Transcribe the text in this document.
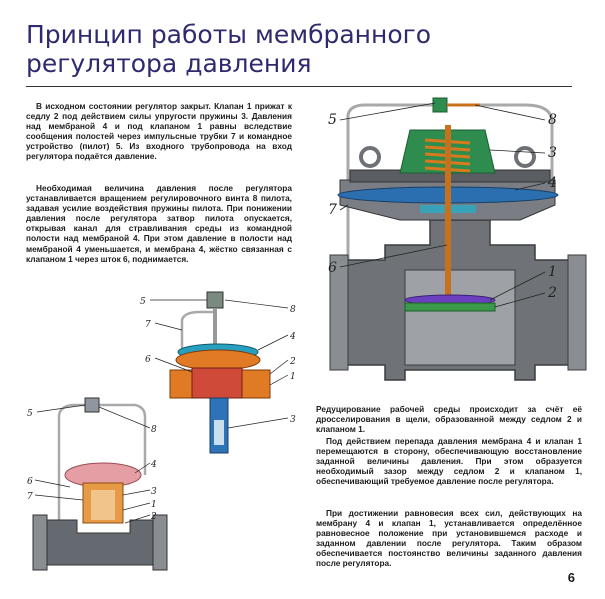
Принцип работы мембранного
регулятора давления

В исходном состоянии регулятор закрыт. Клапан 1 прижат к седлу 2 под действием силы упругости пружины 3. Давления над мембраной 4 и под клапаном 1 равны вследствие сообщения полостей через импульсные трубки 7 и командное устройство (пилот) 5. Из входного трубопровода на вход регулятора подаётся давление.

Необходимая величина давления после регулятора устанавливается вращением регулировочного винта 8 пилота, задавая усилие воздействия пружины пилота. При понижении давления после регулятора затвор пилота опускается, открывая канал для стравливания среды из командной полости над мембраной 4. При этом давление в полости над мембраной 4 уменьшается, и мембрана 4, жёстко связанная с клапаном 1 через шток 6, поднимается.

Редуцирование рабочей среды происходит за счёт её дросселирования в щели, образованной между седлом 2 и клапаном 1.

Под действием перепада давления мембрана 4 и клапан 1 перемещаются в сторону, обеспечивающую восстановление заданной величины давления. При этом образуется необходимый зазор между седлом 2 и клапаном 1, обеспечивающий требуемое давление после регулятора.

При достижении равновесия всех сил, действующих на мембрану 4 и клапан 1, устанавливается определённое равновесное положение при установившемся расходе и заданном давлении после регулятора. Таким образом обеспечивается постоянство величины заданного давления после регулятора.

6
5	8
3
4
7
6	1
2
5
8
7
4
6	2
1
3
5
8
4
6
7	3
1
2
